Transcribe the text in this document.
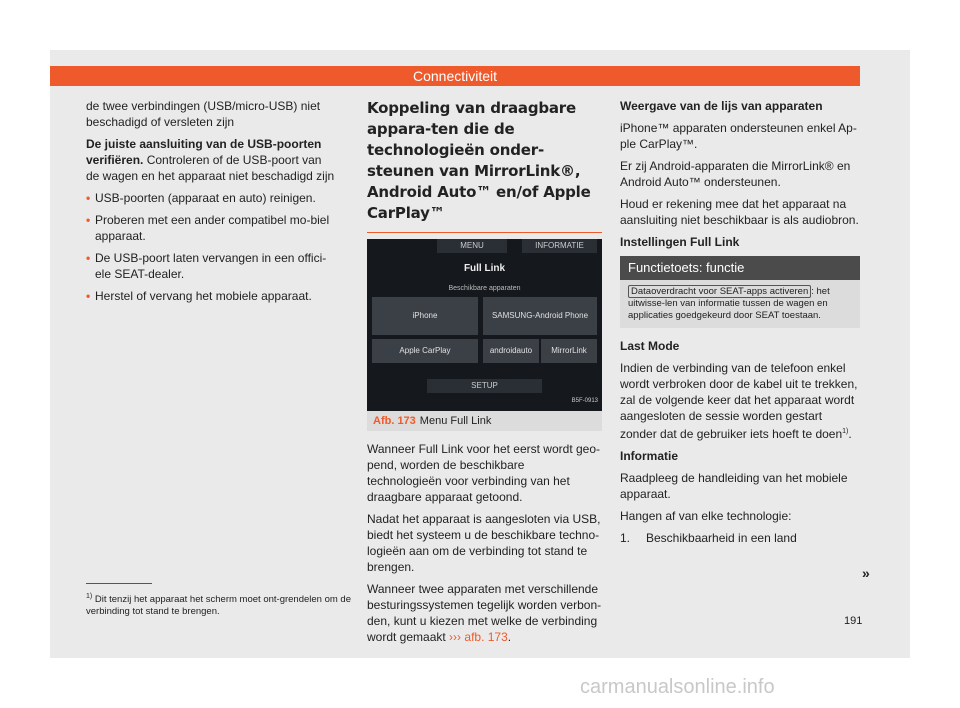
Connectiviteit

de twee verbindingen (USB/micro-USB) niet beschadigd of versleten zijn

De juiste aansluiting van de USB-poorten verifiëren. Controleren of de USB-poort van de wagen en het apparaat niet beschadigd zijn

• USB-poorten (apparaat en auto) reinigen.
• Proberen met een ander compatibel mo-biel apparaat.
• De USB-poort laten vervangen in een offici-ele SEAT-dealer.
• Herstel of vervang het mobiele apparaat.
Koppeling van draagbare appara-ten die de technologieën onder-steunen van MirrorLink®, Android Auto™ en/of Apple CarPlay™
MENU	INFORMATIE
Full Link
Beschikbare apparaten
iPhone	SAMSUNG-Android Phone
Apple CarPlay	androidauto	MirrorLink
SETUP
B5F-0913
Afb. 173 Menu Full Link

Wanneer Full Link voor het eerst wordt geo-pend, worden de beschikbare technologieën voor verbinding van het draagbare apparaat getoond.

Nadat het apparaat is aangesloten via USB, biedt het systeem u de beschikbare techno-logieën aan om de verbinding tot stand te brengen.

Wanneer twee apparaten met verschillende besturingssystemen tegelijk worden verbon-den, kunt u kiezen met welke de verbinding wordt gemaakt ››› afb. 173.

Weergave van de lijs van apparaten

iPhone™ apparaten ondersteunen enkel Ap-ple CarPlay™.

Er zij Android-apparaten die MirrorLink® en Android Auto™ ondersteunen.

Houd er rekening mee dat het apparaat na aansluiting niet beschikbaar is als audiobron.

Instellingen Full Link

Functietoets: functie
Dataoverdracht voor SEAT-apps activeren : het uitwisse-len van informatie tussen de wagen en applicaties goedgekeurd door SEAT toestaan.

Last Mode

Indien de verbinding van de telefoon enkel wordt verbroken door de kabel uit te trekken, zal de volgende keer dat het apparaat wordt aangesloten de sessie worden gestart zonder dat de gebruiker iets hoeft te doen$^{1)}$.

Informatie

Raadpleeg de handleiding van het mobiele apparaat.

Hangen af van elke technologie:

1.	Beschikbaarheid in een land
»
$^{1)}$ Dit tenzij het apparaat het scherm moet ont-grendelen om de verbinding tot stand te brengen.
191
carmanualsonline.info
